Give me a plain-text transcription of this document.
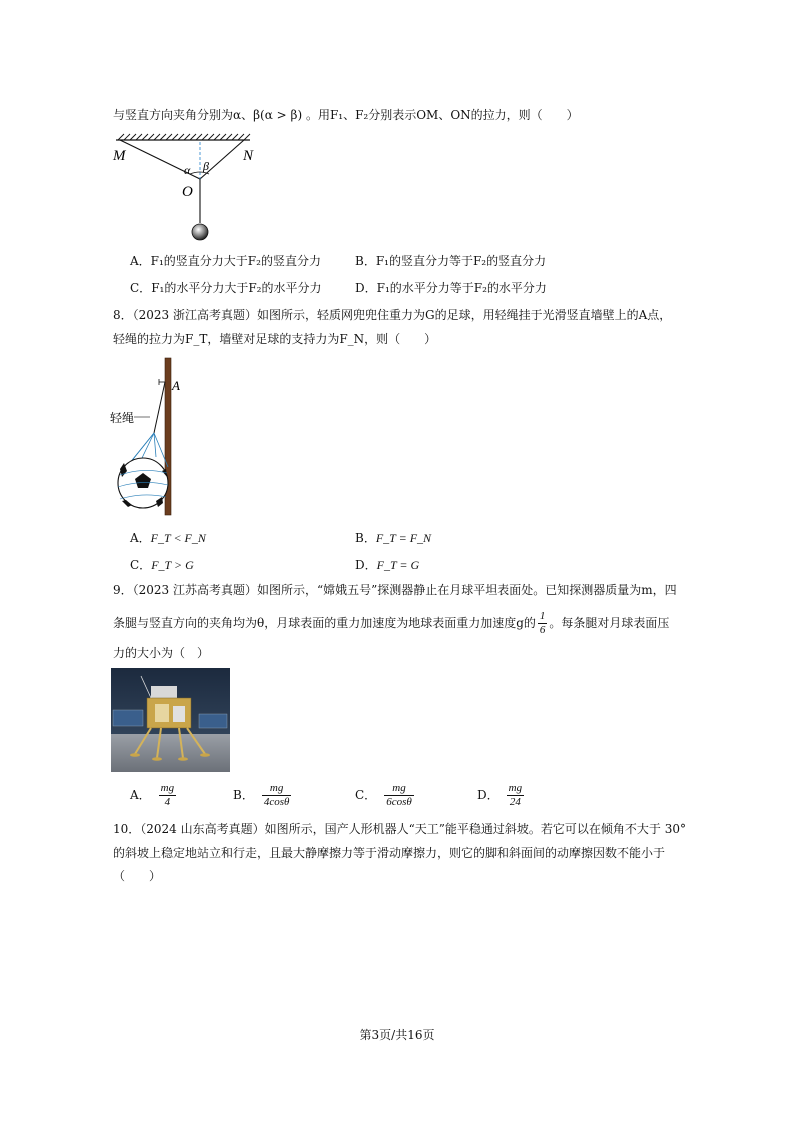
与竖直方向夹角分别为α、β(α > β) 。用F₁、F₂分别表示OM、ON的拉力，则（　　）
M	N
O
α β
A．F₁的竖直分力大于F₂的竖直分力	B．F₁的竖直分力等于F₂的竖直分力
C．F₁的水平分力大于F₂的水平分力	D．F₁的水平分力等于F₂的水平分力
8．（2023 浙江高考真题）如图所示，轻质网兜兜住重力为G的足球，用轻绳挂于光滑竖直墙壁上的A点，
轻绳的拉力为F_T，墙壁对足球的支持力为F_N，则（　　）
A
轻绳
A．F_T < F_N	B．F_T = F_N
C．F_T > G	D．F_T = G
9．（2023 江苏高考真题）如图所示，“嫦娥五号”探测器静止在月球平坦表面处。已知探测器质量为m，四
条腿与竖直方向的夹角均为θ，月球表面的重力加速度为地球表面重力加速度g的 $\frac{1}{6}$ 。每条腿对月球表面压
力的大小为（　）
A． $\frac{mg}{4}$	B． $\frac{mg}{4\cos\theta}$	C． $\frac{mg}{6\cos\theta}$	D． $\frac{mg}{24}$
10．（2024 山东高考真题）如图所示，国产人形机器人“天工”能平稳通过斜坡。若它可以在倾角不大于 30°
的斜坡上稳定地站立和行走，且最大静摩擦力等于滑动摩擦力，则它的脚和斜面间的动摩擦因数不能小于
（　　）
第3页/共16页
